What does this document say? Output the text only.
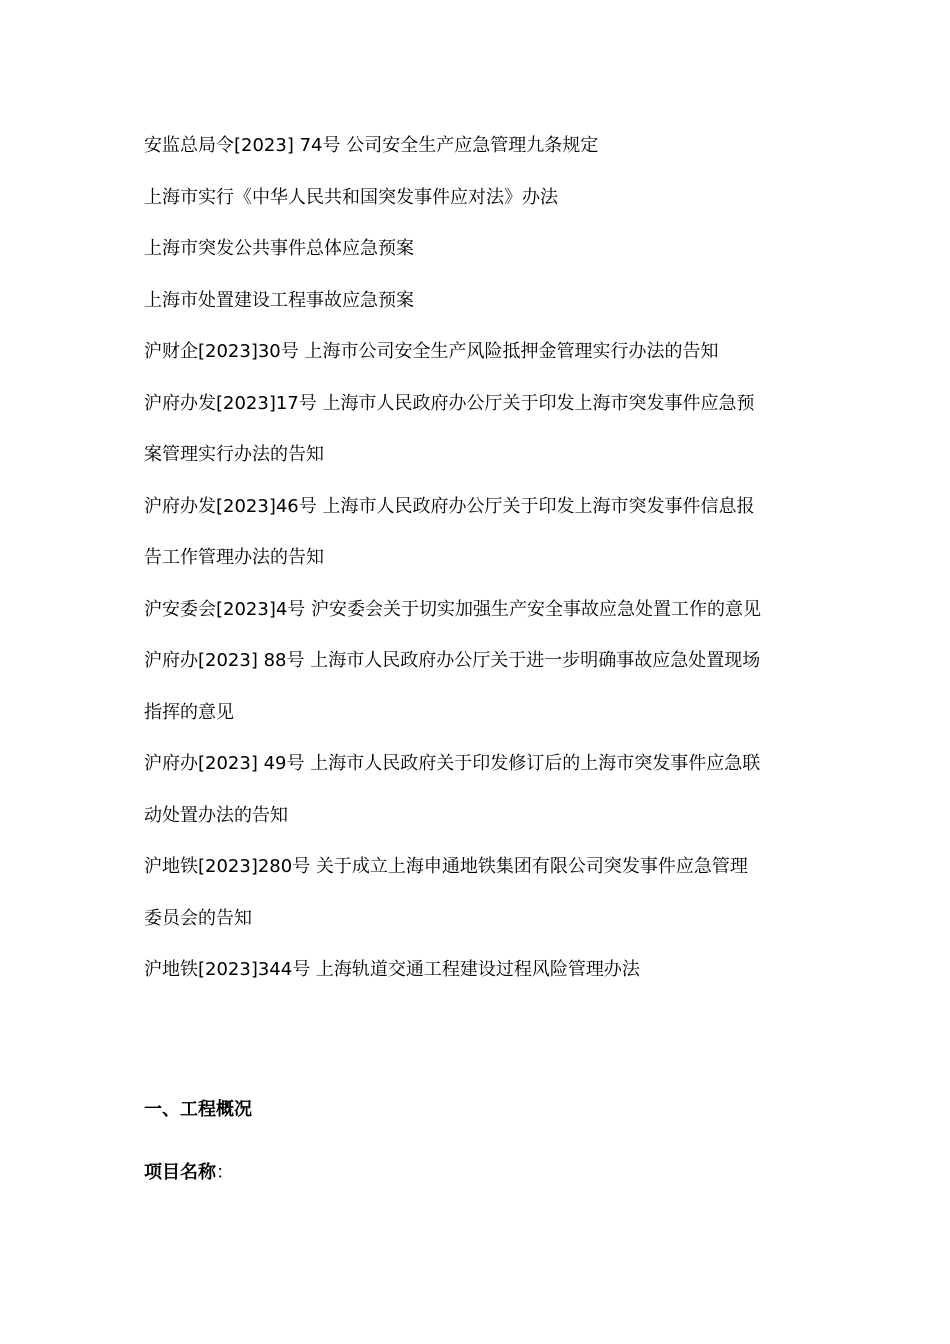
安监总局令[2023] 74号 公司安全生产应急管理九条规定

上海市实行《中华人民共和国突发事件应对法》办法

上海市突发公共事件总体应急预案

上海市处置建设工程事故应急预案

沪财企[2023]30号 上海市公司安全生产风险抵押金管理实行办法的告知

沪府办发[2023]17号 上海市人民政府办公厅关于印发上海市突发事件应急预

案管理实行办法的告知

沪府办发[2023]46号 上海市人民政府办公厅关于印发上海市突发事件信息报

告工作管理办法的告知

沪安委会[2023]4号 沪安委会关于切实加强生产安全事故应急处置工作的意见

沪府办[2023] 88号 上海市人民政府办公厅关于进一步明确事故应急处置现场

指挥的意见

沪府办[2023] 49号 上海市人民政府关于印发修订后的上海市突发事件应急联

动处置办法的告知

沪地铁[2023]280号 关于成立上海申通地铁集团有限公司突发事件应急管理

委员会的告知

沪地铁[2023]344号 上海轨道交通工程建设过程风险管理办法

一、工程概况

项目名称：
